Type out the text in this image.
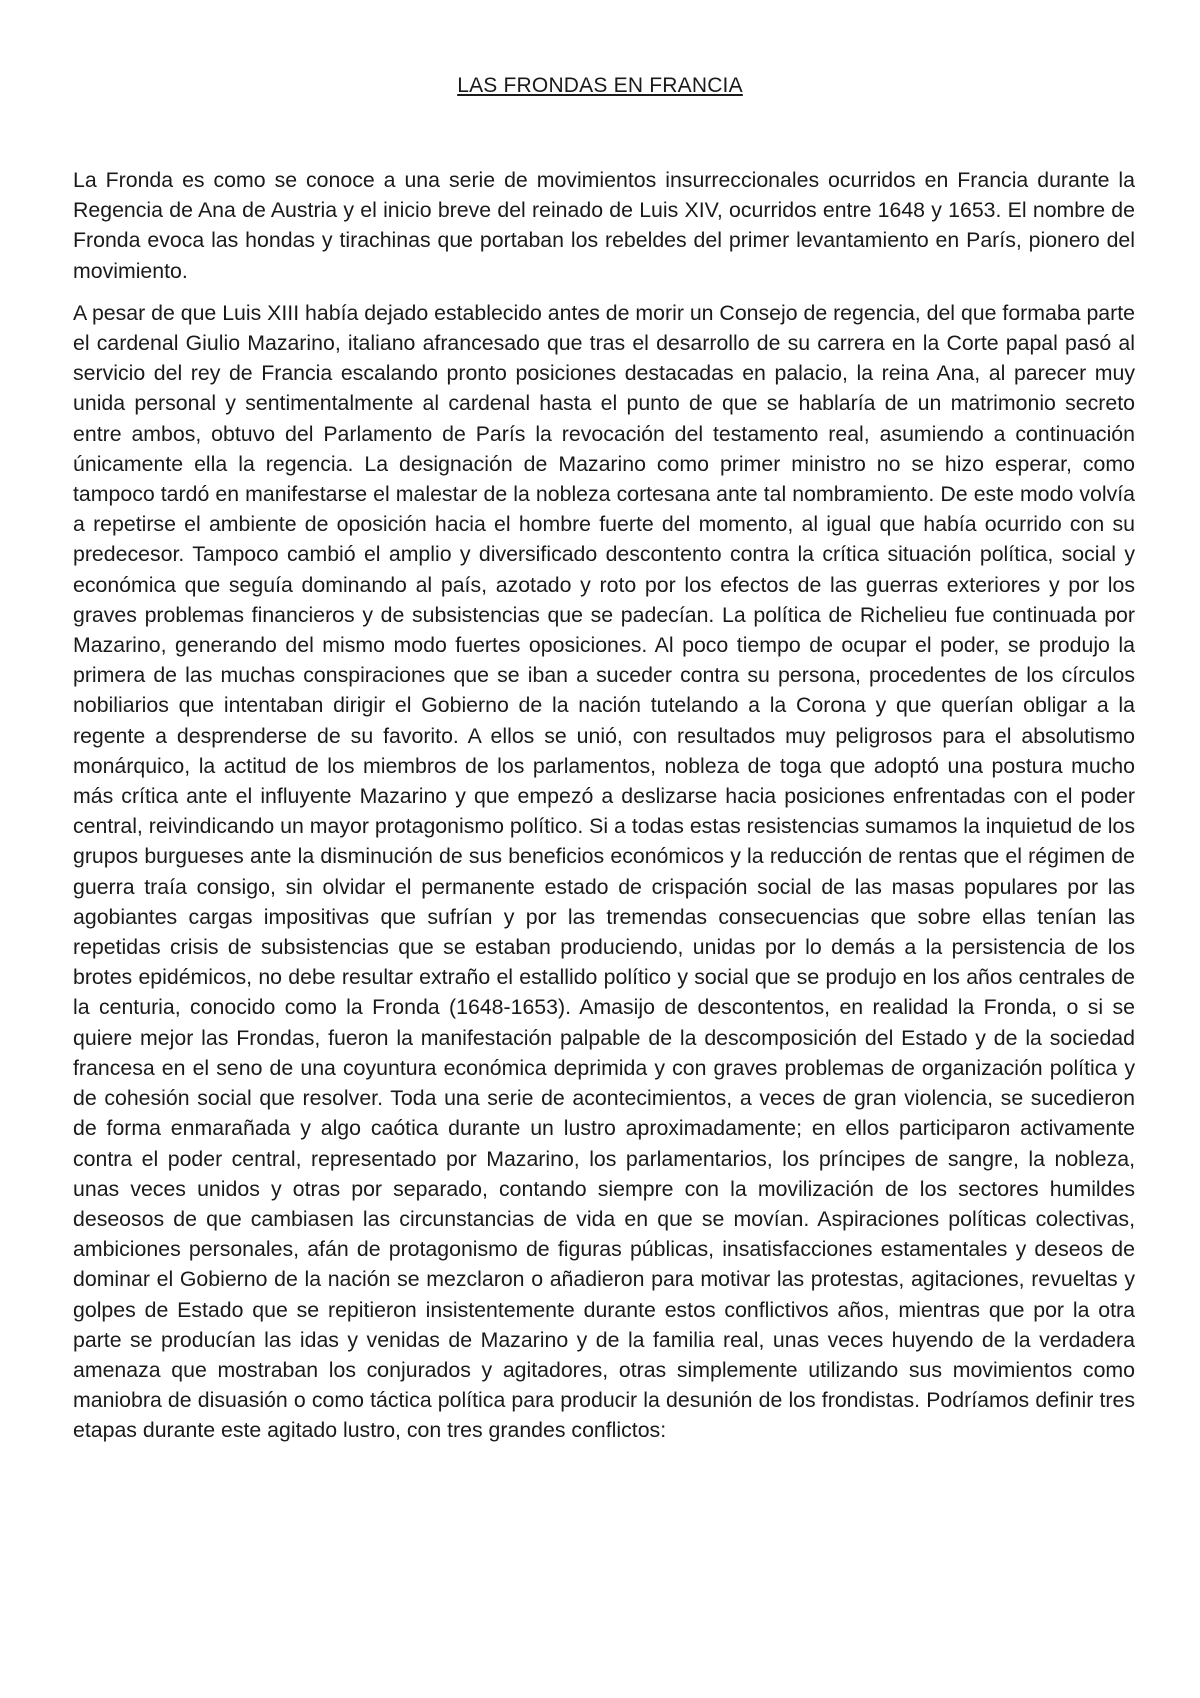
LAS FRONDAS EN FRANCIA

La Fronda es como se conoce a una serie de movimientos insurreccionales ocurridos en Francia durante la Regencia de Ana de Austria y el inicio breve del reinado de Luis XIV, ocurridos entre 1648 y 1653. El nombre de Fronda evoca las hondas y tirachinas que portaban los rebeldes del primer levantamiento en París, pionero del movimiento.

A pesar de que Luis XIII había dejado establecido antes de morir un Consejo de regencia, del que formaba parte el cardenal Giulio Mazarino, italiano afrancesado que tras el desarrollo de su carrera en la Corte papal pasó al servicio del rey de Francia escalando pronto posiciones destacadas en palacio, la reina Ana, al parecer muy unida personal y sentimentalmente al cardenal hasta el punto de que se hablaría de un matrimonio secreto entre ambos, obtuvo del Parlamento de París la revocación del testamento real, asumiendo a continuación únicamente ella la regencia. La designación de Mazarino como primer ministro no se hizo esperar, como tampoco tardó en manifestarse el malestar de la nobleza cortesana ante tal nombramiento. De este modo volvía a repetirse el ambiente de oposición hacia el hombre fuerte del momento, al igual que había ocurrido con su predecesor. Tampoco cambió el amplio y diversificado descontento contra la crítica situación política, social y económica que seguía dominando al país, azotado y roto por los efectos de las guerras exteriores y por los graves problemas financieros y de subsistencias que se padecían. La política de Richelieu fue continuada por Mazarino, generando del mismo modo fuertes oposiciones. Al poco tiempo de ocupar el poder, se produjo la primera de las muchas conspiraciones que se iban a suceder contra su persona, procedentes de los círculos nobiliarios que intentaban dirigir el Gobierno de la nación tutelando a la Corona y que querían obligar a la regente a desprenderse de su favorito. A ellos se unió, con resultados muy peligrosos para el absolutismo monárquico, la actitud de los miembros de los parlamentos, nobleza de toga que adoptó una postura mucho más crítica ante el influyente Mazarino y que empezó a deslizarse hacia posiciones enfrentadas con el poder central, reivindicando un mayor protagonismo político. Si a todas estas resistencias sumamos la inquietud de los grupos burgueses ante la disminución de sus beneficios económicos y la reducción de rentas que el régimen de guerra traía consigo, sin olvidar el permanente estado de crispación social de las masas populares por las agobiantes cargas impositivas que sufrían y por las tremendas consecuencias que sobre ellas tenían las repetidas crisis de subsistencias que se estaban produciendo, unidas por lo demás a la persistencia de los brotes epidémicos, no debe resultar extraño el estallido político y social que se produjo en los años centrales de la centuria, conocido como la Fronda (1648-1653). Amasijo de descontentos, en realidad la Fronda, o si se quiere mejor las Frondas, fueron la manifestación palpable de la descomposición del Estado y de la sociedad francesa en el seno de una coyuntura económica deprimida y con graves problemas de organización política y de cohesión social que resolver. Toda una serie de acontecimientos, a veces de gran violencia, se sucedieron de forma enmarañada y algo caótica durante un lustro aproximadamente; en ellos participaron activamente contra el poder central, representado por Mazarino, los parlamentarios, los príncipes de sangre, la nobleza, unas veces unidos y otras por separado, contando siempre con la movilización de los sectores humildes deseosos de que cambiasen las circunstancias de vida en que se movían. Aspiraciones políticas colectivas, ambiciones personales, afán de protagonismo de figuras públicas, insatisfacciones estamentales y deseos de dominar el Gobierno de la nación se mezclaron o añadieron para motivar las protestas, agitaciones, revueltas y golpes de Estado que se repitieron insistentemente durante estos conflictivos años, mientras que por la otra parte se producían las idas y venidas de Mazarino y de la familia real, unas veces huyendo de la verdadera amenaza que mostraban los conjurados y agitadores, otras simplemente utilizando sus movimientos como maniobra de disuasión o como táctica política para producir la desunión de los frondistas. Podríamos definir tres etapas durante este agitado lustro, con tres grandes conflictos:
